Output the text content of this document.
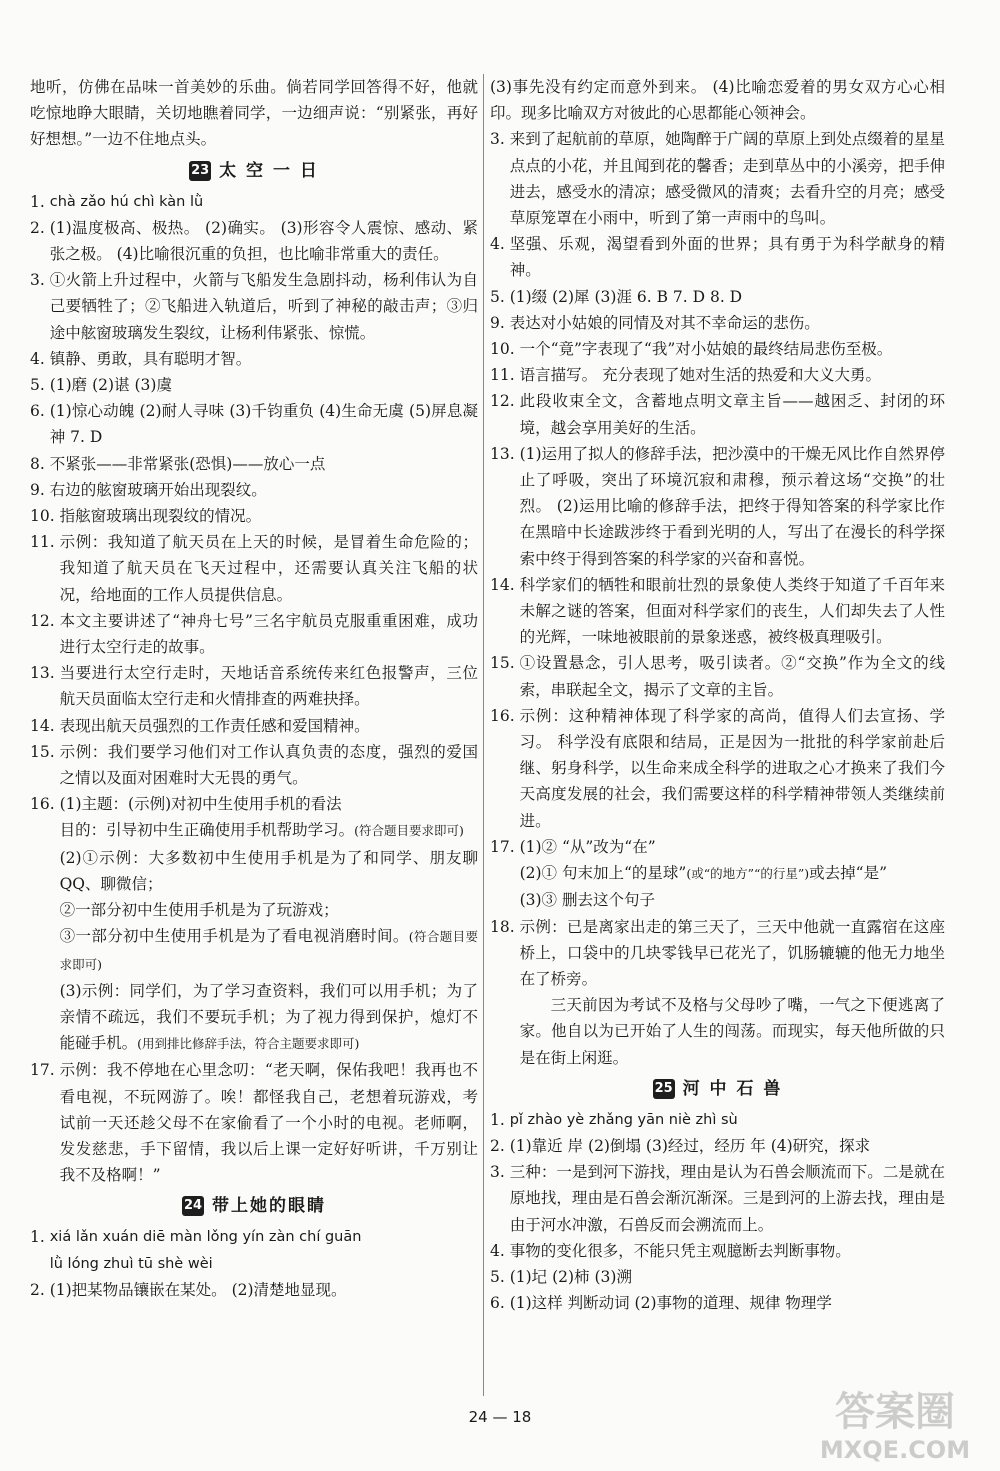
地听，仿佛在品味一首美妙的乐曲。倘若同学回答得不好，他就吃惊地睁大眼睛，关切地瞧着同学，一边细声说：“别紧张，再好好想想。”一边不住地点头。

23 太 空 一 日
1. chà zǎo hú chì kàn lǜ
2. (1)温度极高、极热。 (2)确实。 (3)形容令人震惊、感动、紧张之极。 (4)比喻很沉重的负担，也比喻非常重大的责任。
3. ①火箭上升过程中，火箭与飞船发生急剧抖动，杨利伟认为自己要牺牲了；②飞船进入轨道后，听到了神秘的敲击声；③归途中舷窗玻璃发生裂纹，让杨利伟紧张、惊慌。
4. 镇静、勇敢，具有聪明才智。
5. (1)磨 (2)谌 (3)虞
6. (1)惊心动魄 (2)耐人寻味 (3)千钧重负 (4)生命无虞 (5)屏息凝神 7. D
8. 不紧张——非常紧张(恐惧)——放心一点
9. 右边的舷窗玻璃开始出现裂纹。
10. 指舷窗玻璃出现裂纹的情况。
11. 示例：我知道了航天员在上天的时候，是冒着生命危险的；我知道了航天员在飞天过程中，还需要认真关注飞船的状况，给地面的工作人员提供信息。
12. 本文主要讲述了“神舟七号”三名宇航员克服重重困难，成功进行太空行走的故事。
13. 当要进行太空行走时，天地话音系统传来红色报警声，三位航天员面临太空行走和火情排查的两难抉择。
14. 表现出航天员强烈的工作责任感和爱国精神。
15. 示例：我们要学习他们对工作认真负责的态度，强烈的爱国之情以及面对困难时大无畏的勇气。
16. (1)主题：(示例)对初中生使用手机的看法
目的：引导初中生正确使用手机帮助学习。(符合题目要求即可)
(2)①示例：大多数初中生使用手机是为了和同学、朋友聊QQ、聊微信；
②一部分初中生使用手机是为了玩游戏；
③一部分初中生使用手机是为了看电视消磨时间。(符合题目要求即可)
(3)示例：同学们，为了学习查资料，我们可以用手机；为了亲情不疏远，我们不要玩手机；为了视力得到保护，熄灯不能碰手机。(用到排比修辞手法，符合主题要求即可)
17. 示例：我不停地在心里念叨：“老天啊，保佑我吧！我再也不看电视，不玩网游了。唉！都怪我自己，老想着玩游戏，考试前一天还趁父母不在家偷看了一个小时的电视。老师啊，发发慈悲，手下留情，我以后上课一定好好听讲，千万别让我不及格啊！”
24 带上她的眼睛
1. xiá lǎn xuán diē màn lǒng yín zàn chí guān
lǜ lóng zhuì tū shè wèi
2. (1)把某物品镶嵌在某处。 (2)清楚地显现。

(3)事先没有约定而意外到来。 (4)比喻恋爱着的男女双方心心相印。现多比喻双方对彼此的心思都能心领神会。

3. 来到了起航前的草原，她陶醉于广阔的草原上到处点缀着的星星点点的小花，并且闻到花的馨香；走到草丛中的小溪旁，把手伸进去，感受水的清凉；感受微风的清爽；去看升空的月亮；感受草原笼罩在小雨中，听到了第一声雨中的鸟叫。
4. 坚强、乐观，渴望看到外面的世界；具有勇于为科学献身的精神。
5. (1)缀 (2)犀 (3)涯 6. B 7. D 8. D
9. 表达对小姑娘的同情及对其不幸命运的悲伤。
10. 一个“竟”字表现了“我”对小姑娘的最终结局悲伤至极。
11. 语言描写。 充分表现了她对生活的热爱和大义大勇。
12. 此段收束全文，含蓄地点明文章主旨——越困乏、封闭的环境，越会享用美好的生活。
13. (1)运用了拟人的修辞手法，把沙漠中的干燥无风比作自然界停止了呼吸，突出了环境沉寂和肃穆，预示着这场“交换”的壮烈。 (2)运用比喻的修辞手法，把终于得知答案的科学家比作在黑暗中长途跋涉终于看到光明的人，写出了在漫长的科学探索中终于得到答案的科学家的兴奋和喜悦。
14. 科学家们的牺牲和眼前壮烈的景象使人类终于知道了千百年来未解之谜的答案，但面对科学家们的丧生，人们却失去了人性的光辉，一味地被眼前的景象迷惑，被终极真理吸引。
15. ①设置悬念，引人思考，吸引读者。②“交换”作为全文的线索，串联起全文，揭示了文章的主旨。
16. 示例：这种精神体现了科学家的高尚，值得人们去宣扬、学习。 科学没有底限和结局，正是因为一批批的科学家前赴后继、躬身科学，以生命来成全科学的进取之心才换来了我们今天高度发展的社会，我们需要这样的科学精神带领人类继续前进。
17. (1)② “从”改为“在”
(2)① 句末加上“的星球”(或“的地方”“的行星”)或去掉“是”
(3)③ 删去这个句子
18. 示例：已是离家出走的第三天了，三天中他就一直露宿在这座桥上，口袋中的几块零钱早已花光了，饥肠辘辘的他无力地坐在了桥旁。

三天前因为考试不及格与父母吵了嘴，一气之下便逃离了家。他自以为已开始了人生的闯荡。而现实，每天他所做的只是在街上闲逛。

25 河 中 石 兽
1. pǐ zhào yè zhǎng yān niè zhì sù
2. (1)靠近 岸 (2)倒塌 (3)经过，经历 年 (4)研究，探求
3. 三种：一是到河下游找，理由是认为石兽会顺流而下。二是就在原地找，理由是石兽会渐沉渐深。三是到河的上游去找，理由是由于河水冲激，石兽反而会溯流而上。
4. 事物的变化很多，不能只凭主观臆断去判断事物。
5. (1)圮 (2)柿 (3)溯
6. (1)这样 判断动词 (2)事物的道理、规律 物理学
24 — 18	答案圈
MXQE.COM
